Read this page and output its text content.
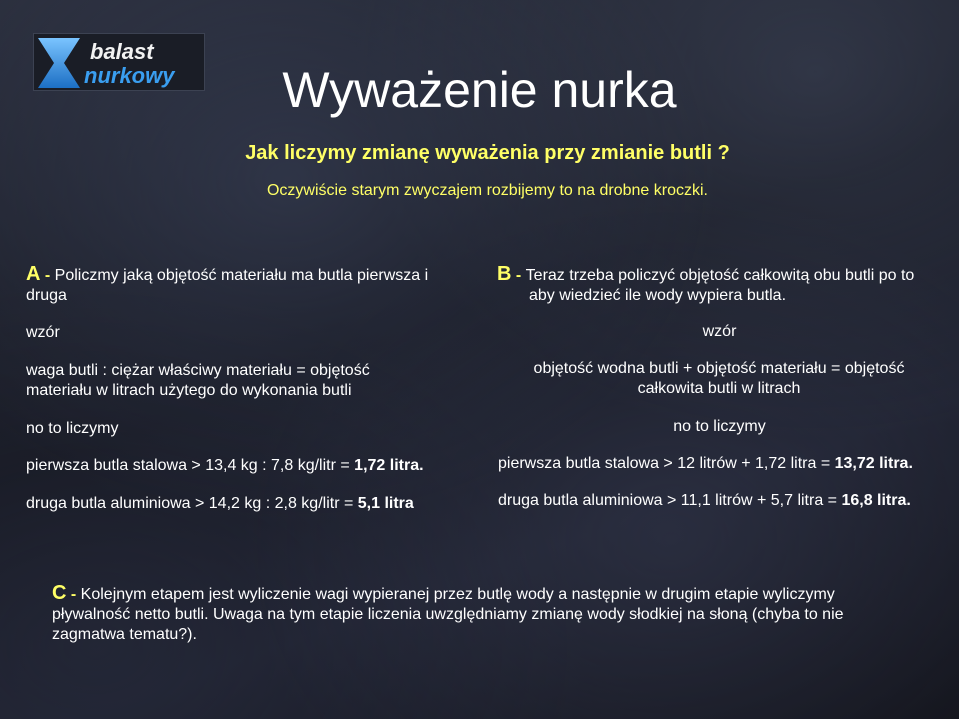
balast
nurkowy	Wyważenie nurka
Jak liczymy zmianę wyważenia przy zmianie butli ?
Oczywiście starym zwyczajem rozbijemy to na drobne kroczki.
A - Policzmy jaką objętość materiału ma butla pierwsza i druga
wzór
waga butli : ciężar właściwy materiału = objętość materiału w litrach użytego do wykonania butli
no to liczymy
pierwsza butla stalowa > 13,4 kg : 7,8 kg/litr = 1,72 litra.
druga butla aluminiowa > 14,2 kg : 2,8 kg/litr = 5,1 litra
B - Teraz trzeba policzyć objętość całkowitą obu butli po to aby wiedzieć ile wody wypiera butla.
wzór
objętość wodna butli + objętość materiału = objętość całkowita butli w litrach
no to liczymy
pierwsza butla stalowa > 12 litrów + 1,72 litra = 13,72 litra.
druga butla aluminiowa > 11,1 litrów + 5,7 litra = 16,8 litra.
C - Kolejnym etapem jest wyliczenie wagi wypieranej przez butlę wody a następnie w drugim etapie wyliczymy pływalność netto butli. Uwaga na tym etapie liczenia uwzględniamy zmianę wody słodkiej na słoną (chyba to nie zagmatwa tematu?).
